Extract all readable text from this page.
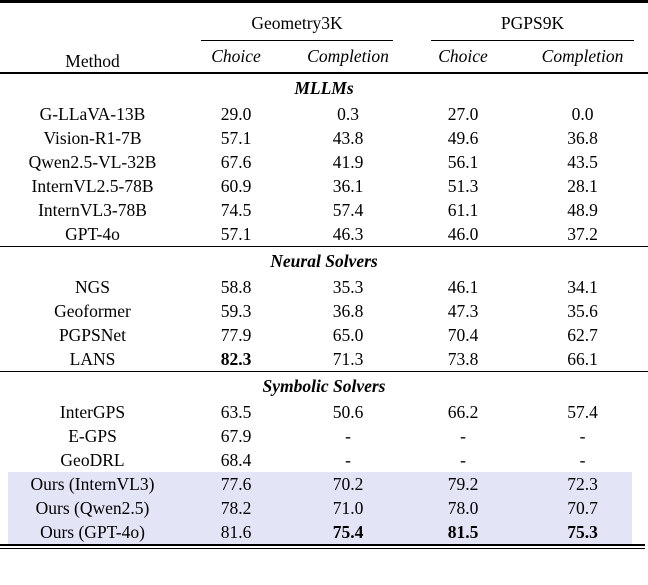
Method	Geometry3K		PGPS9K	

	Choice	Completion	Choice	Completion
MLLMs				
G-LLaVA-13B	29.0	0.3	27.0	0.0
Vision-R1-7B	57.1	43.8	49.6	36.8
Qwen2.5-VL-32B	67.6	41.9	56.1	43.5
InternVL2.5-78B	60.9	36.1	51.3	28.1
InternVL3-78B	74.5	57.4	61.1	48.9
GPT-4o	57.1	46.3	46.0	37.2
Neural Solvers				
NGS	58.8	35.3	46.1	34.1
Geoformer	59.3	36.8	47.3	35.6
PGPSNet	77.9	65.0	70.4	62.7
LANS	82.3	71.3	73.8	66.1
Symbolic Solvers				
InterGPS	63.5	50.6	66.2	57.4
E-GPS	67.9	-	-	-
GeoDRL	68.4	-	-	-
Ours (InternVL3)	77.6	70.2	79.2	72.3
Ours (Qwen2.5)	78.2	71.0	78.0	70.7
Ours (GPT-4o)	81.6	75.4	81.5	75.3
